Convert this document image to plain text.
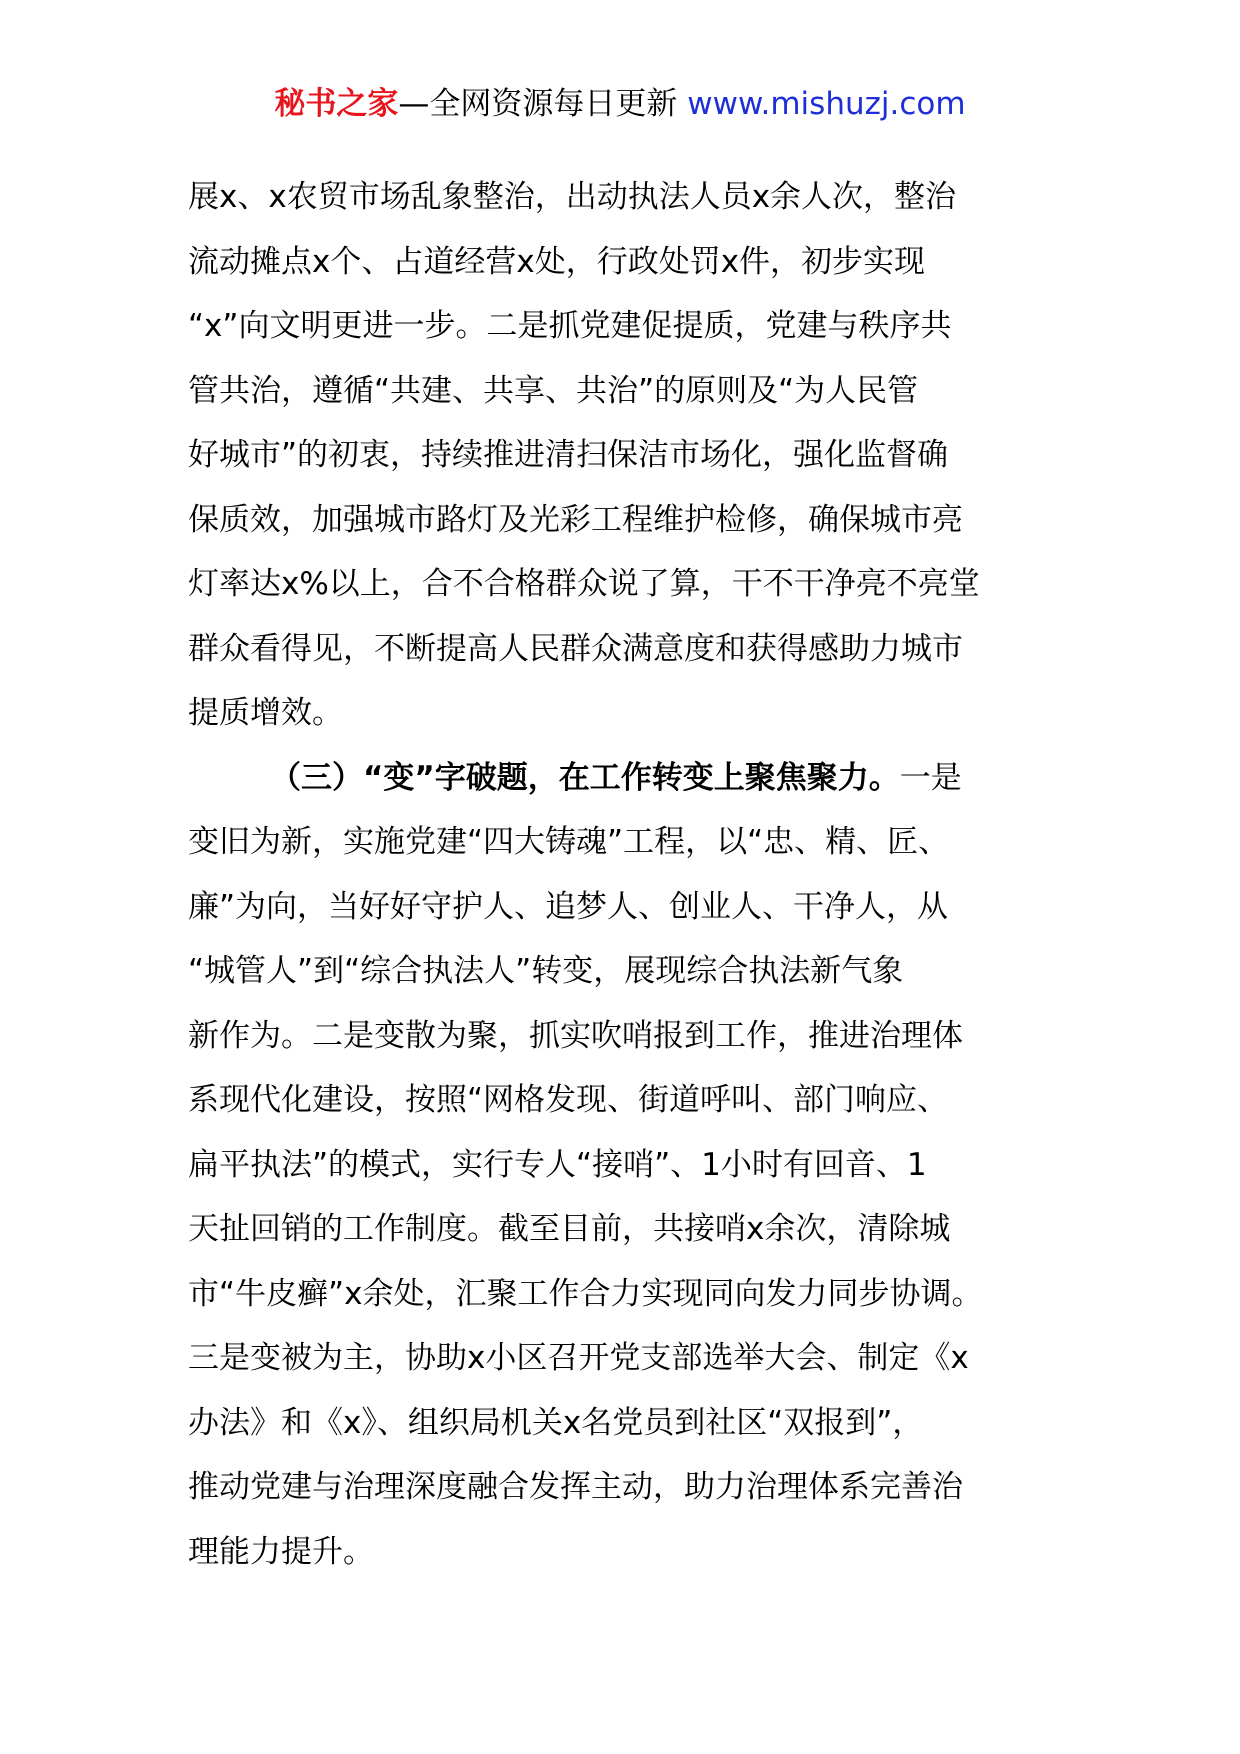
秘书之家—全网资源每日更新 www.mishuzj.com
展x、x农贸市场乱象整治，出动执法人员x余人次，整治
流动摊点x个、占道经营x处，行政处罚x件，初步实现
“x”向文明更进一步。二是抓党建促提质，党建与秩序共
管共治，遵循“共建、共享、共治”的原则及“为人民管
好城市”的初衷，持续推进清扫保洁市场化，强化监督确
保质效，加强城市路灯及光彩工程维护检修，确保城市亮
灯率达x%以上，合不合格群众说了算，干不干净亮不亮堂
群众看得见，不断提高人民群众满意度和获得感助力城市
提质增效。
（三）“变”字破题，在工作转变上聚焦聚力。一是
变旧为新，实施党建“四大铸魂”工程，以“忠、精、匠、
廉”为向，当好好守护人、追梦人、创业人、干净人，从
“城管人”到“综合执法人”转变，展现综合执法新气象
新作为。二是变散为聚，抓实吹哨报到工作，推进治理体
系现代化建设，按照“网格发现、街道呼叫、部门响应、
扁平执法”的模式，实行专人“接哨”、1小时有回音、1
天扯回销的工作制度。截至目前，共接哨x余次，清除城
市“牛皮癣”x余处，汇聚工作合力实现同向发力同步协调。
三是变被为主，协助x小区召开党支部选举大会、制定《x
办法》和《x》、组织局机关x名党员到社区“双报到”，
推动党建与治理深度融合发挥主动，助力治理体系完善治
理能力提升。
